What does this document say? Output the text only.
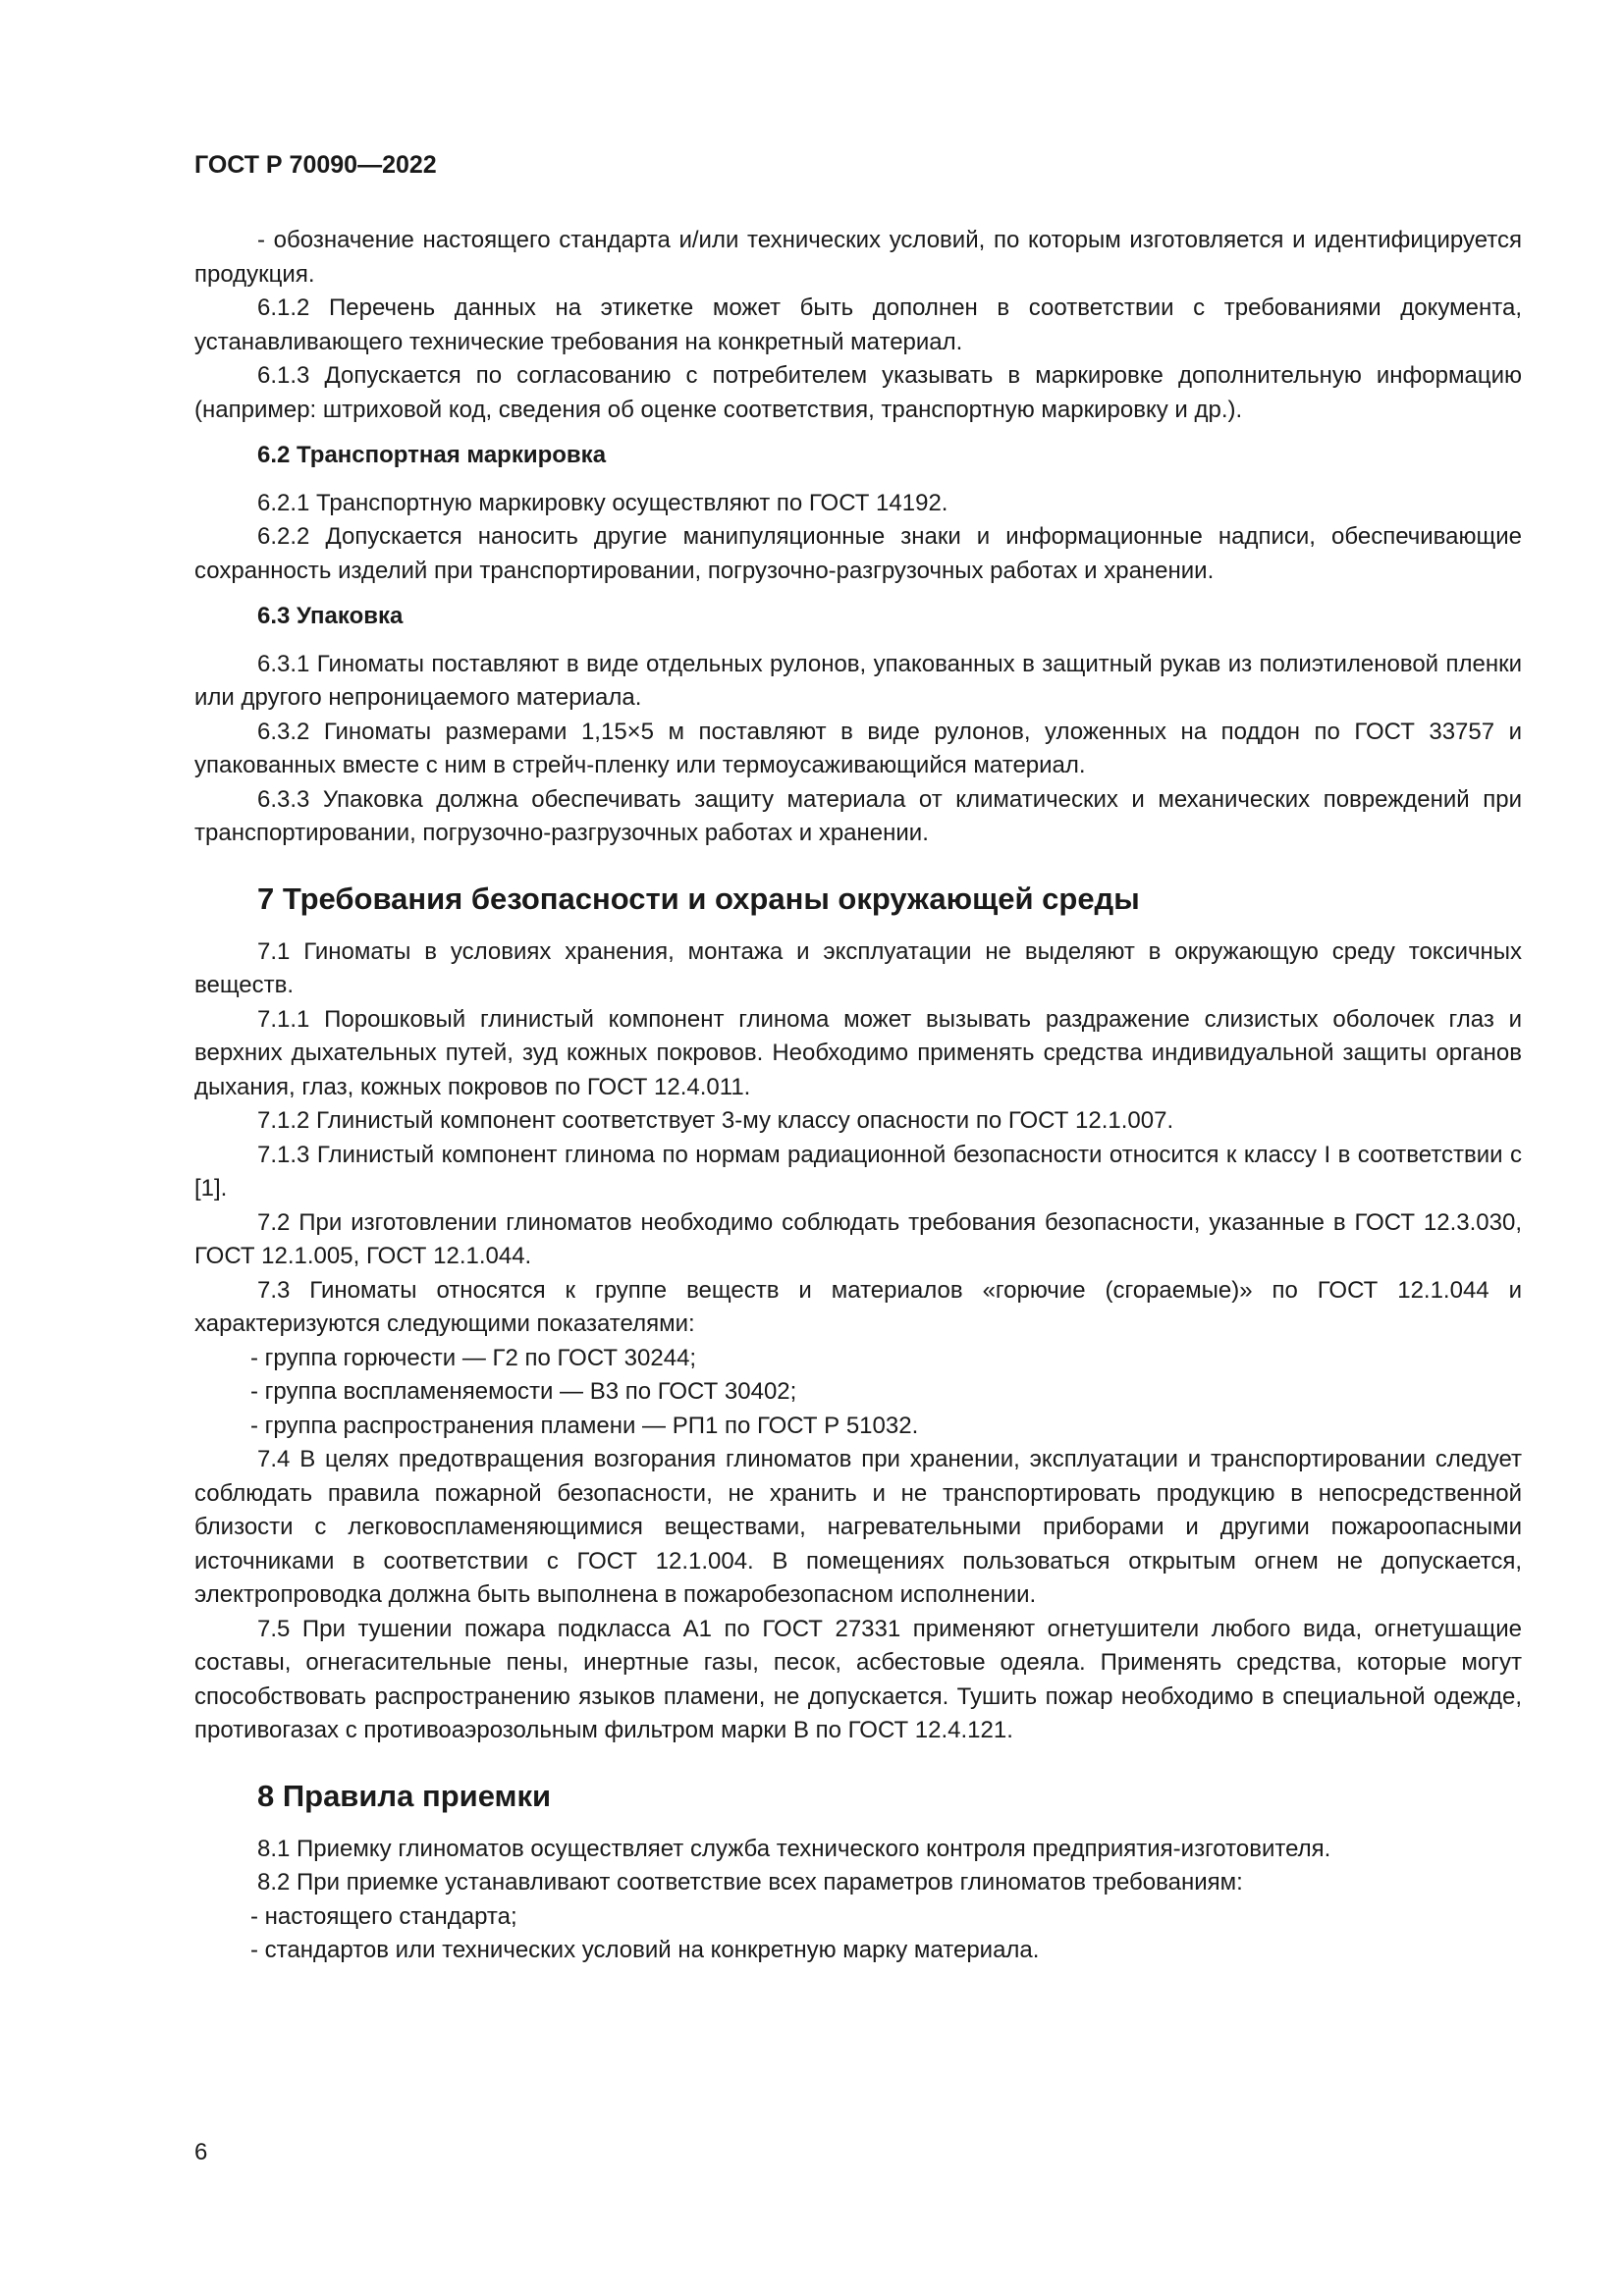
ГОСТ Р 70090—2022

- обозначение настоящего стандарта и/или технических условий, по которым изготовляется и идентифицируется продукция.

6.1.2 Перечень данных на этикетке может быть дополнен в соответствии с требованиями документа, устанавливающего технические требования на конкретный материал.

6.1.3 Допускается по согласованию с потребителем указывать в маркировке дополнительную информацию (например: штриховой код, сведения об оценке соответствия, транспортную маркировку и др.).

6.2 Транспортная маркировка

6.2.1 Транспортную маркировку осуществляют по ГОСТ 14192.

6.2.2 Допускается наносить другие манипуляционные знаки и информационные надписи, обеспечивающие сохранность изделий при транспортировании, погрузочно-разгрузочных работах и хранении.

6.3 Упаковка

6.3.1 Гиноматы поставляют в виде отдельных рулонов, упакованных в защитный рукав из полиэтиленовой пленки или другого непроницаемого материала.

6.3.2 Гиноматы размерами 1,15×5 м поставляют в виде рулонов, уложенных на поддон по ГОСТ 33757 и упакованных вместе с ним в стрейч-пленку или термоусаживающийся материал.

6.3.3 Упаковка должна обеспечивать защиту материала от климатических и механических повреждений при транспортировании, погрузочно-разгрузочных работах и хранении.

7 Требования безопасности и охраны окружающей среды

7.1 Гиноматы в условиях хранения, монтажа и эксплуатации не выделяют в окружающую среду токсичных веществ.

7.1.1 Порошковый глинистый компонент глинома может вызывать раздражение слизистых оболочек глаз и верхних дыхательных путей, зуд кожных покровов. Необходимо применять средства индивидуальной защиты органов дыхания, глаз, кожных покровов по ГОСТ 12.4.011.

7.1.2 Глинистый компонент соответствует 3-му классу опасности по ГОСТ 12.1.007.

7.1.3 Глинистый компонент глинома по нормам радиационной безопасности относится к классу I в соответствии с [1].

7.2 При изготовлении глиноматов необходимо соблюдать требования безопасности, указанные в ГОСТ 12.3.030, ГОСТ 12.1.005, ГОСТ 12.1.044.

7.3 Гиноматы относятся к группе веществ и материалов «горючие (сгораемые)» по ГОСТ 12.1.044 и характеризуются следующими показателями:

- группа горючести — Г2 по ГОСТ 30244;

- группа воспламеняемости — В3 по ГОСТ 30402;

- группа распространения пламени — РП1 по ГОСТ Р 51032.

7.4 В целях предотвращения возгорания глиноматов при хранении, эксплуатации и транспортировании следует соблюдать правила пожарной безопасности, не хранить и не транспортировать продукцию в непосредственной близости с легковоспламеняющимися веществами, нагревательными приборами и другими пожароопасными источниками в соответствии с ГОСТ 12.1.004. В помещениях пользоваться открытым огнем не допускается, электропроводка должна быть выполнена в пожаробезопасном исполнении.

7.5 При тушении пожара подкласса А1 по ГОСТ 27331 применяют огнетушители любого вида, огнетушащие составы, огнегасительные пены, инертные газы, песок, асбестовые одеяла. Применять средства, которые могут способствовать распространению языков пламени, не допускается. Тушить пожар необходимо в специальной одежде, противогазах с противоаэрозольным фильтром марки В по ГОСТ 12.4.121.

8 Правила приемки

8.1 Приемку глиноматов осуществляет служба технического контроля предприятия-изготовителя.

8.2 При приемке устанавливают соответствие всех параметров глиноматов требованиям:

- настоящего стандарта;

- стандартов или технических условий на конкретную марку материала.

6
